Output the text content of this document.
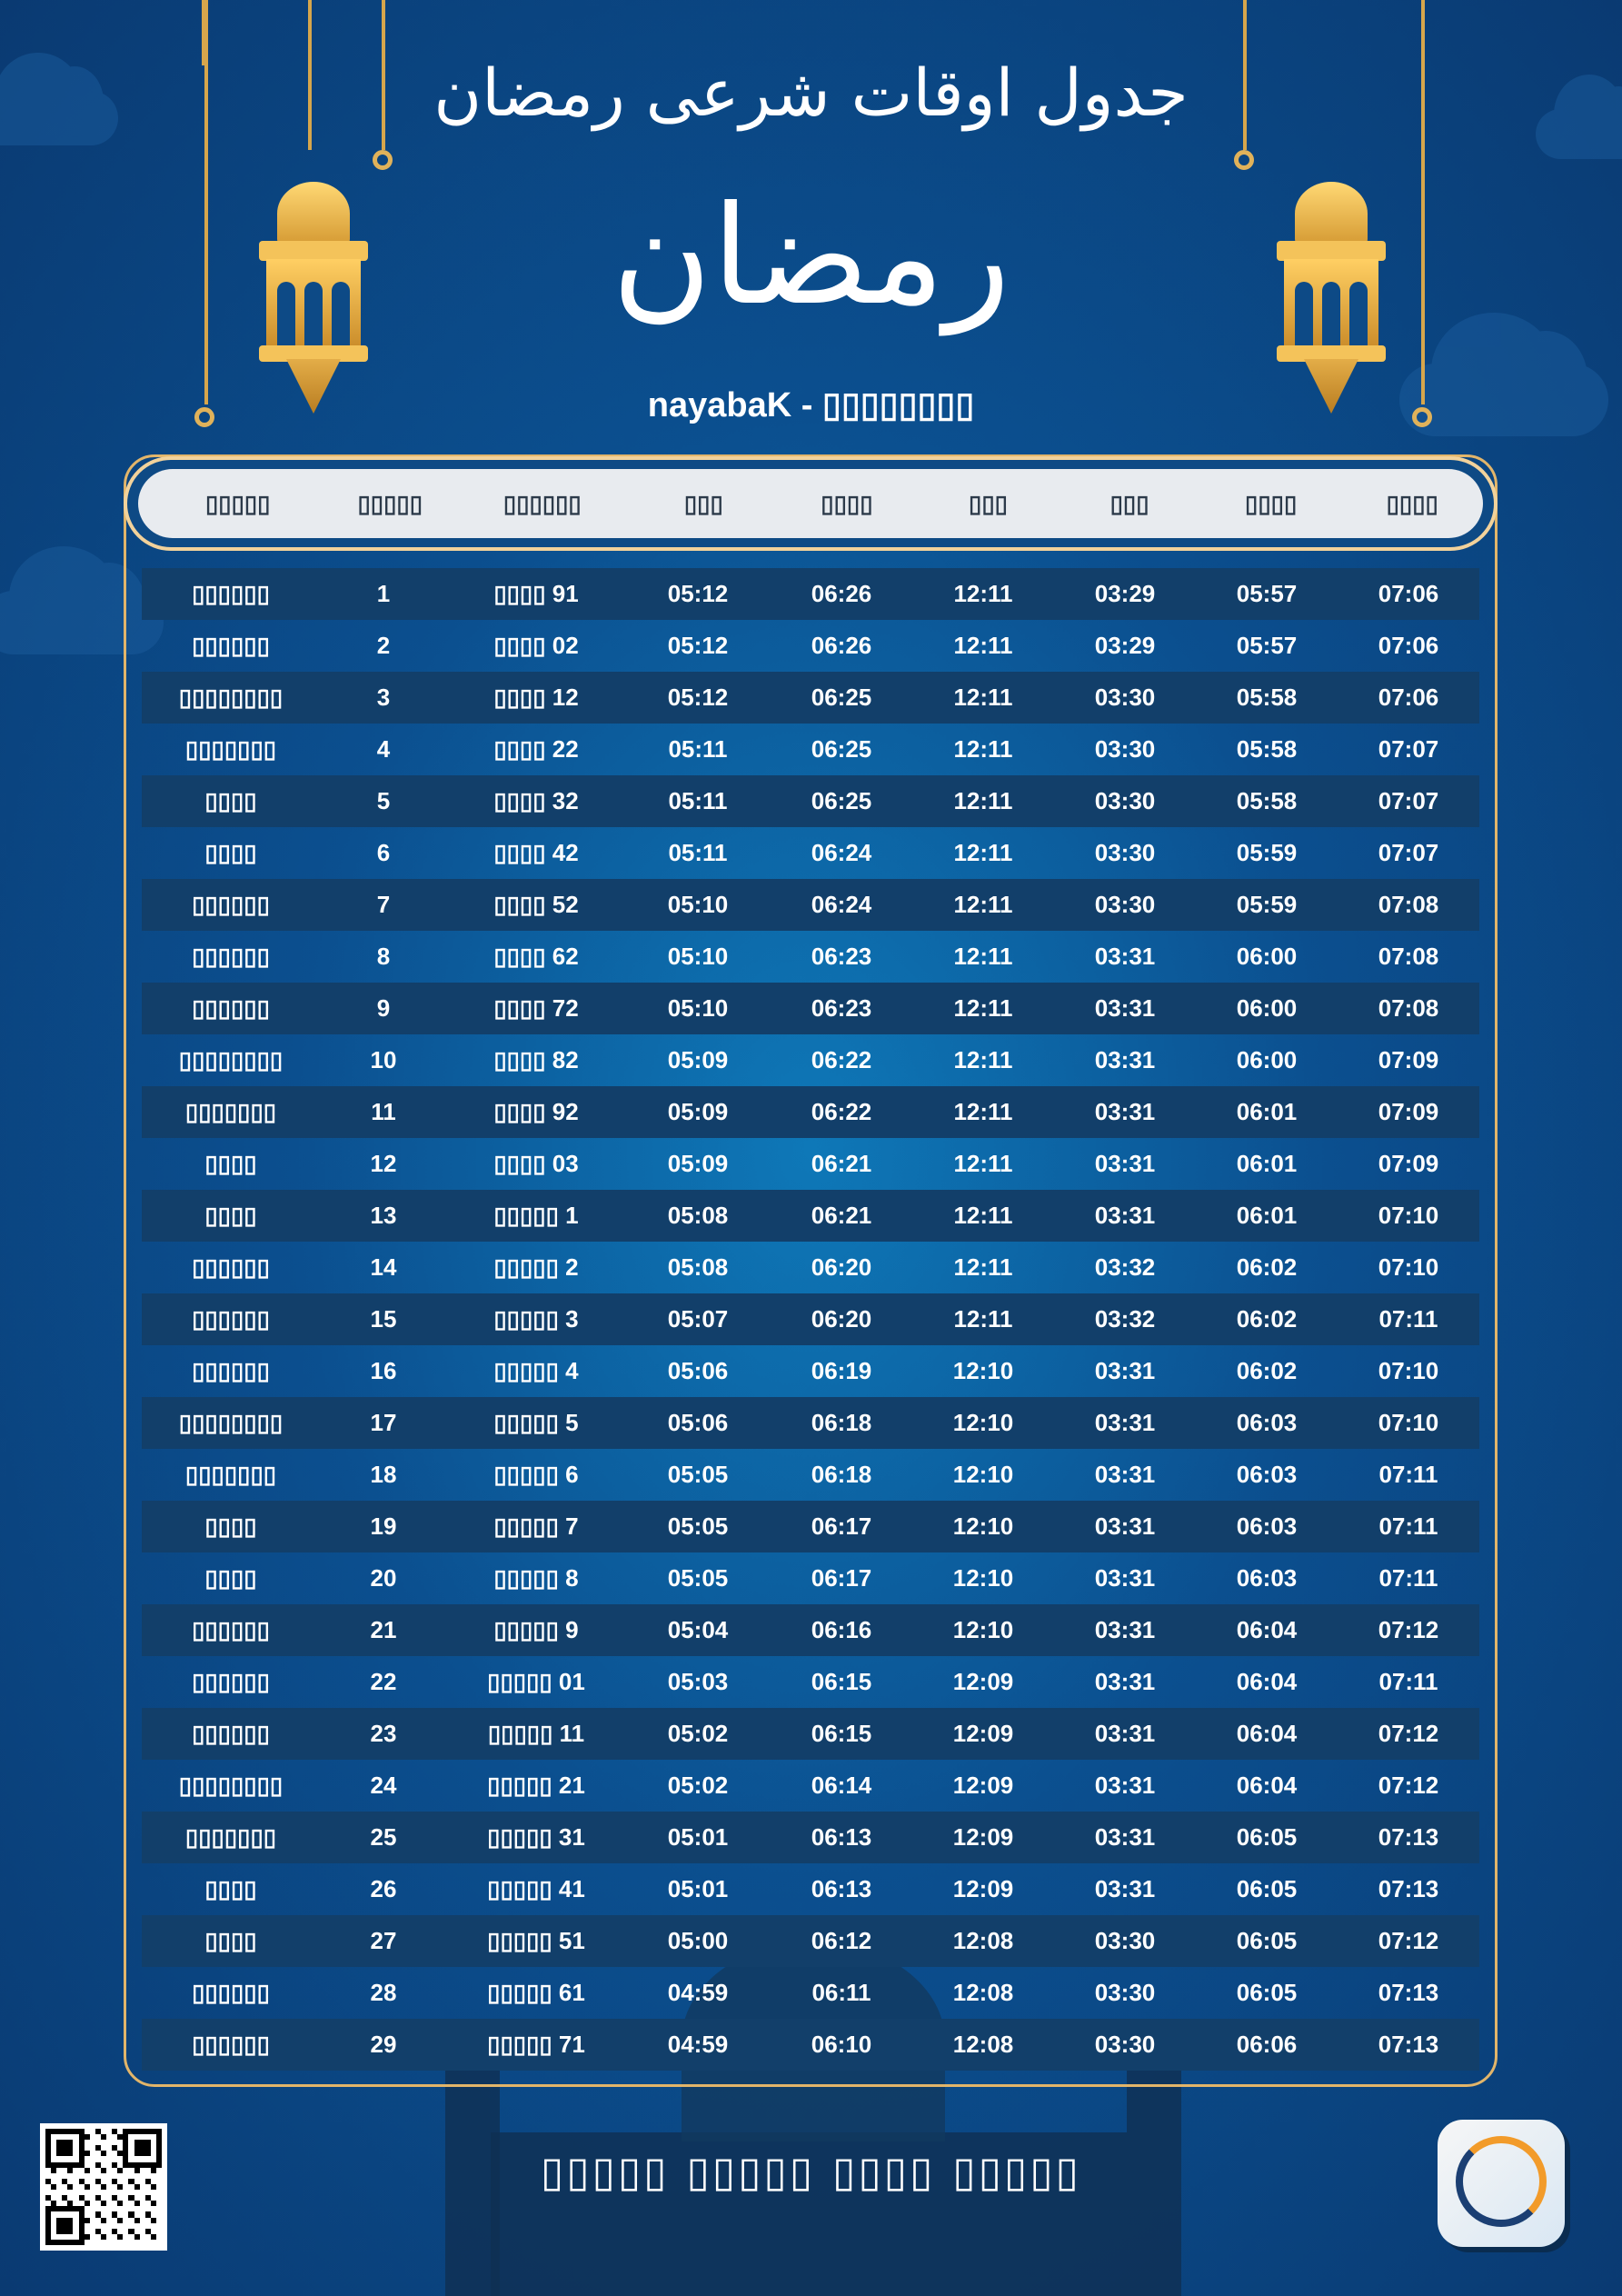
جدول اوقات شرعی رمضان
رمضان
nayabaK - ▯▯▯▯▯▯▯▯
▯▯▯▯▯	▯▯▯▯▯	▯▯▯▯▯▯	▯▯▯	▯▯▯▯	▯▯▯	▯▯▯	▯▯▯▯	▯▯▯▯
▯▯▯▯▯▯	1	▯▯▯▯ 91	05:12	06:26	12:11	03:29	05:57	07:06
▯▯▯▯▯▯	2	▯▯▯▯ 02	05:12	06:26	12:11	03:29	05:57	07:06
▯▯▯▯▯▯▯▯	3	▯▯▯▯ 12	05:12	06:25	12:11	03:30	05:58	07:06
▯▯▯▯▯▯▯	4	▯▯▯▯ 22	05:11	06:25	12:11	03:30	05:58	07:07
▯▯▯▯	5	▯▯▯▯ 32	05:11	06:25	12:11	03:30	05:58	07:07
▯▯▯▯	6	▯▯▯▯ 42	05:11	06:24	12:11	03:30	05:59	07:07
▯▯▯▯▯▯	7	▯▯▯▯ 52	05:10	06:24	12:11	03:30	05:59	07:08
▯▯▯▯▯▯	8	▯▯▯▯ 62	05:10	06:23	12:11	03:31	06:00	07:08
▯▯▯▯▯▯	9	▯▯▯▯ 72	05:10	06:23	12:11	03:31	06:00	07:08
▯▯▯▯▯▯▯▯	10	▯▯▯▯ 82	05:09	06:22	12:11	03:31	06:00	07:09
▯▯▯▯▯▯▯	11	▯▯▯▯ 92	05:09	06:22	12:11	03:31	06:01	07:09
▯▯▯▯	12	▯▯▯▯ 03	05:09	06:21	12:11	03:31	06:01	07:09
▯▯▯▯	13	▯▯▯▯▯ 1	05:08	06:21	12:11	03:31	06:01	07:10
▯▯▯▯▯▯	14	▯▯▯▯▯ 2	05:08	06:20	12:11	03:32	06:02	07:10
▯▯▯▯▯▯	15	▯▯▯▯▯ 3	05:07	06:20	12:11	03:32	06:02	07:11
▯▯▯▯▯▯	16	▯▯▯▯▯ 4	05:06	06:19	12:10	03:31	06:02	07:10
▯▯▯▯▯▯▯▯	17	▯▯▯▯▯ 5	05:06	06:18	12:10	03:31	06:03	07:10
▯▯▯▯▯▯▯	18	▯▯▯▯▯ 6	05:05	06:18	12:10	03:31	06:03	07:11
▯▯▯▯	19	▯▯▯▯▯ 7	05:05	06:17	12:10	03:31	06:03	07:11
▯▯▯▯	20	▯▯▯▯▯ 8	05:05	06:17	12:10	03:31	06:03	07:11
▯▯▯▯▯▯	21	▯▯▯▯▯ 9	05:04	06:16	12:10	03:31	06:04	07:12
▯▯▯▯▯▯	22	▯▯▯▯▯ 01	05:03	06:15	12:09	03:31	06:04	07:11
▯▯▯▯▯▯	23	▯▯▯▯▯ 11	05:02	06:15	12:09	03:31	06:04	07:12
▯▯▯▯▯▯▯▯	24	▯▯▯▯▯ 21	05:02	06:14	12:09	03:31	06:04	07:12
▯▯▯▯▯▯▯	25	▯▯▯▯▯ 31	05:01	06:13	12:09	03:31	06:05	07:13
▯▯▯▯	26	▯▯▯▯▯ 41	05:01	06:13	12:09	03:31	06:05	07:13
▯▯▯▯	27	▯▯▯▯▯ 51	05:00	06:12	12:08	03:30	06:05	07:12
▯▯▯▯▯▯	28	▯▯▯▯▯ 61	04:59	06:11	12:08	03:30	06:05	07:13
▯▯▯▯▯▯	29	▯▯▯▯▯ 71	04:59	06:10	12:08	03:30	06:06	07:13
▯▯▯▯▯ ▯▯▯▯▯ ▯▯▯▯ ▯▯▯▯▯
